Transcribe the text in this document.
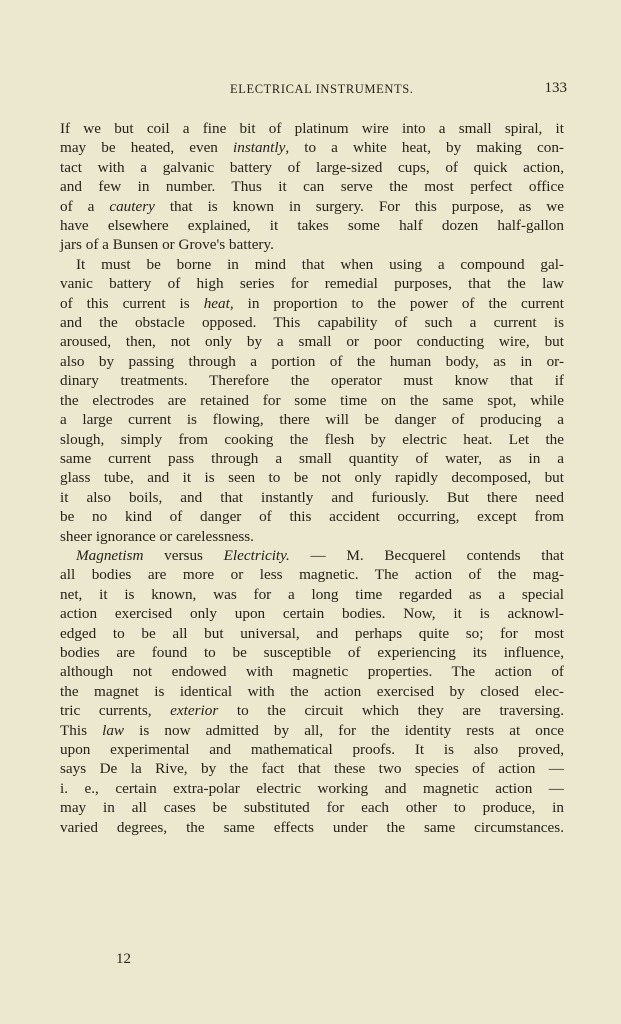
ELECTRICAL INSTRUMENTS.	133
If we but coil a fine bit of platinum wire into a small spiral, it
may be heated, even instantly, to a white heat, by making con-
tact with a galvanic battery of large-sized cups, of quick action,
and few in number. Thus it can serve the most perfect office
of a cautery that is known in surgery. For this purpose, as we
have elsewhere explained, it takes some half dozen half-gallon
jars of a Bunsen or Grove's battery.
It must be borne in mind that when using a compound gal-
vanic battery of high series for remedial purposes, that the law
of this current is heat, in proportion to the power of the current
and the obstacle opposed. This capability of such a current is
aroused, then, not only by a small or poor conducting wire, but
also by passing through a portion of the human body, as in or-
dinary treatments. Therefore the operator must know that if
the electrodes are retained for some time on the same spot, while
a large current is flowing, there will be danger of producing a
slough, simply from cooking the flesh by electric heat. Let the
same current pass through a small quantity of water, as in a
glass tube, and it is seen to be not only rapidly decomposed, but
it also boils, and that instantly and furiously. But there need
be no kind of danger of this accident occurring, except from
sheer ignorance or carelessness.
Magnetism versus Electricity. — M. Becquerel contends that
all bodies are more or less magnetic. The action of the mag-
net, it is known, was for a long time regarded as a special
action exercised only upon certain bodies. Now, it is acknowl-
edged to be all but universal, and perhaps quite so; for most
bodies are found to be susceptible of experiencing its influence,
although not endowed with magnetic properties. The action of
the magnet is identical with the action exercised by closed elec-
tric currents, exterior to the circuit which they are traversing.
This law is now admitted by all, for the identity rests at once
upon experimental and mathematical proofs. It is also proved,
says De la Rive, by the fact that these two species of action —
i. e., certain extra-polar electric working and magnetic action —
may in all cases be substituted for each other to produce, in
varied degrees, the same effects under the same circumstances.
12
